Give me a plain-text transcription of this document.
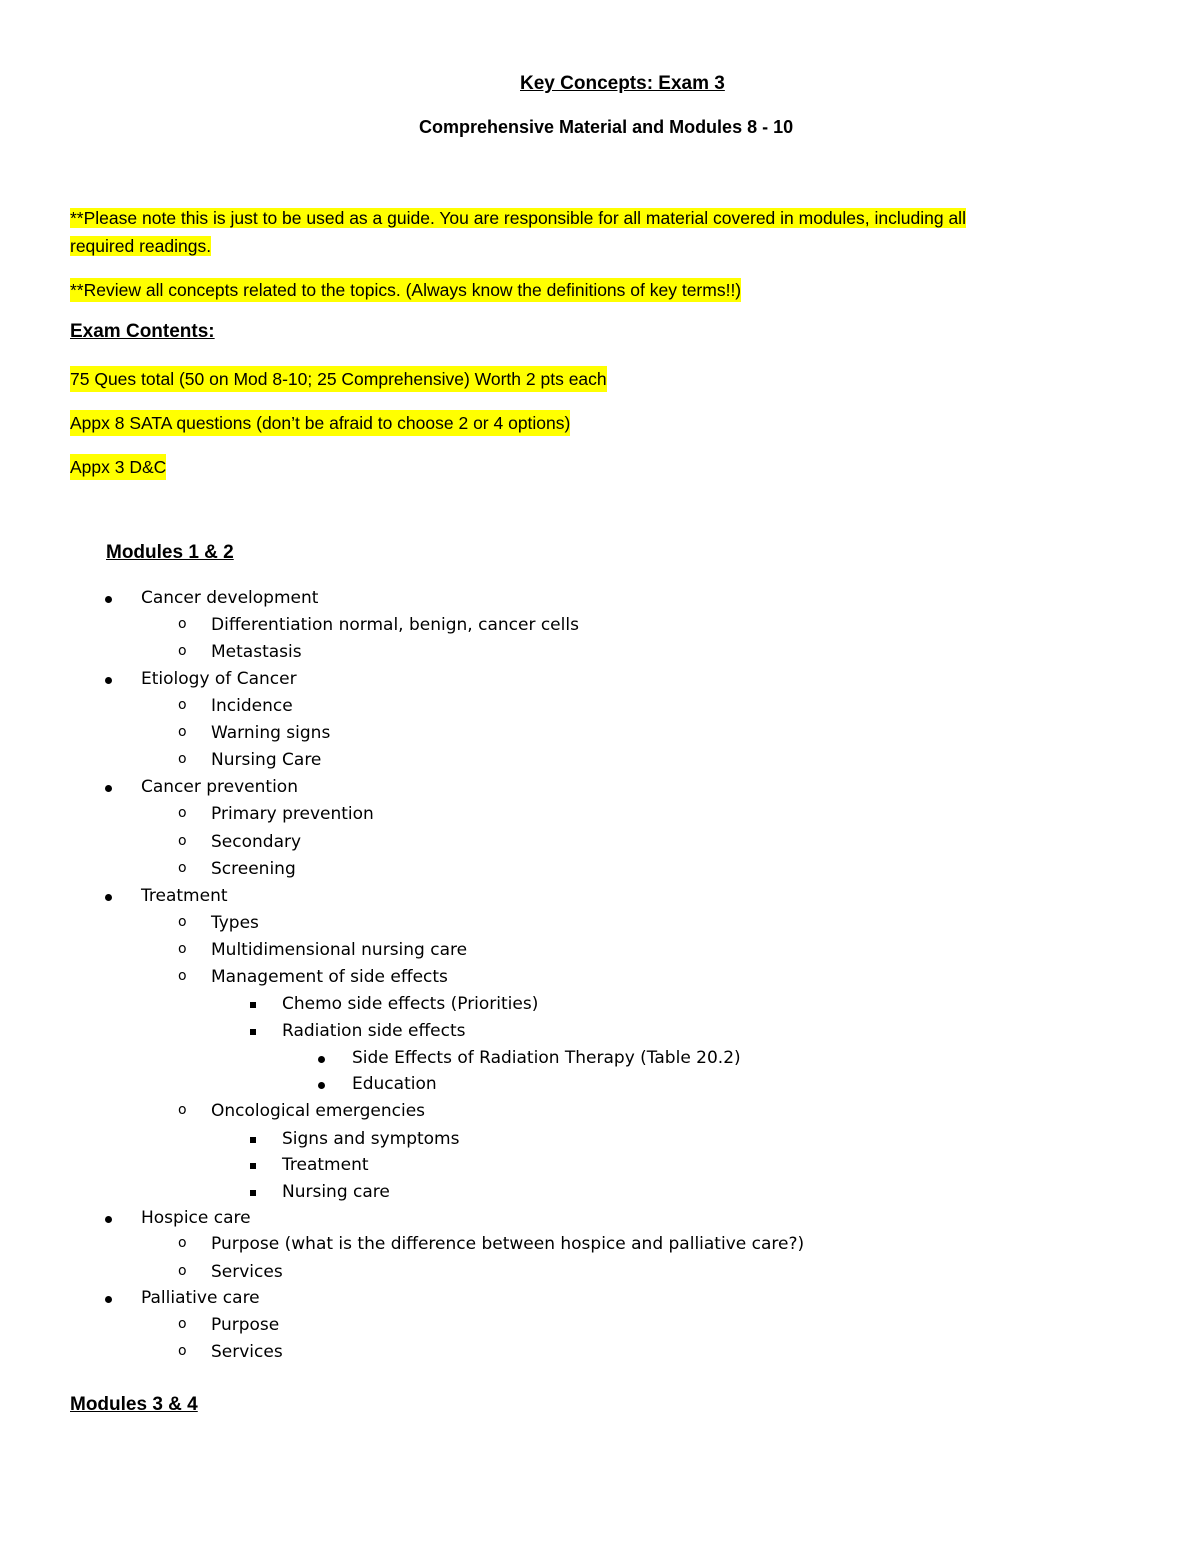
Key Concepts: Exam 3
Comprehensive Material and Modules 8 - 10

**Please note this is just to be used as a guide. You are responsible for all material covered in modules, including all
required readings.

**Review all concepts related to the topics. (Always know the definitions of key terms!!)

Exam Contents:

75 Ques total (50 on Mod 8-10; 25 Comprehensive) Worth 2 pts each

Appx 8 SATA questions (don’t be afraid to choose 2 or 4 options)

Appx 3 D&C

Modules 1 & 2
Cancer development
o Differentiation normal, benign, cancer cells
o Metastasis
Etiology of Cancer
o Incidence
o Warning signs
o Nursing Care
Cancer prevention
o Primary prevention
o Secondary
o Screening
Treatment
o Types
o Multidimensional nursing care
o Management of side effects
Chemo side effects (Priorities)
Radiation side effects
Side Effects of Radiation Therapy (Table 20.2)
Education
o Oncological emergencies
Signs and symptoms
Treatment
Nursing care
Hospice care
o Purpose (what is the difference between hospice and palliative care?)
o Services
Palliative care
o Purpose
o Services
Modules 3 & 4
